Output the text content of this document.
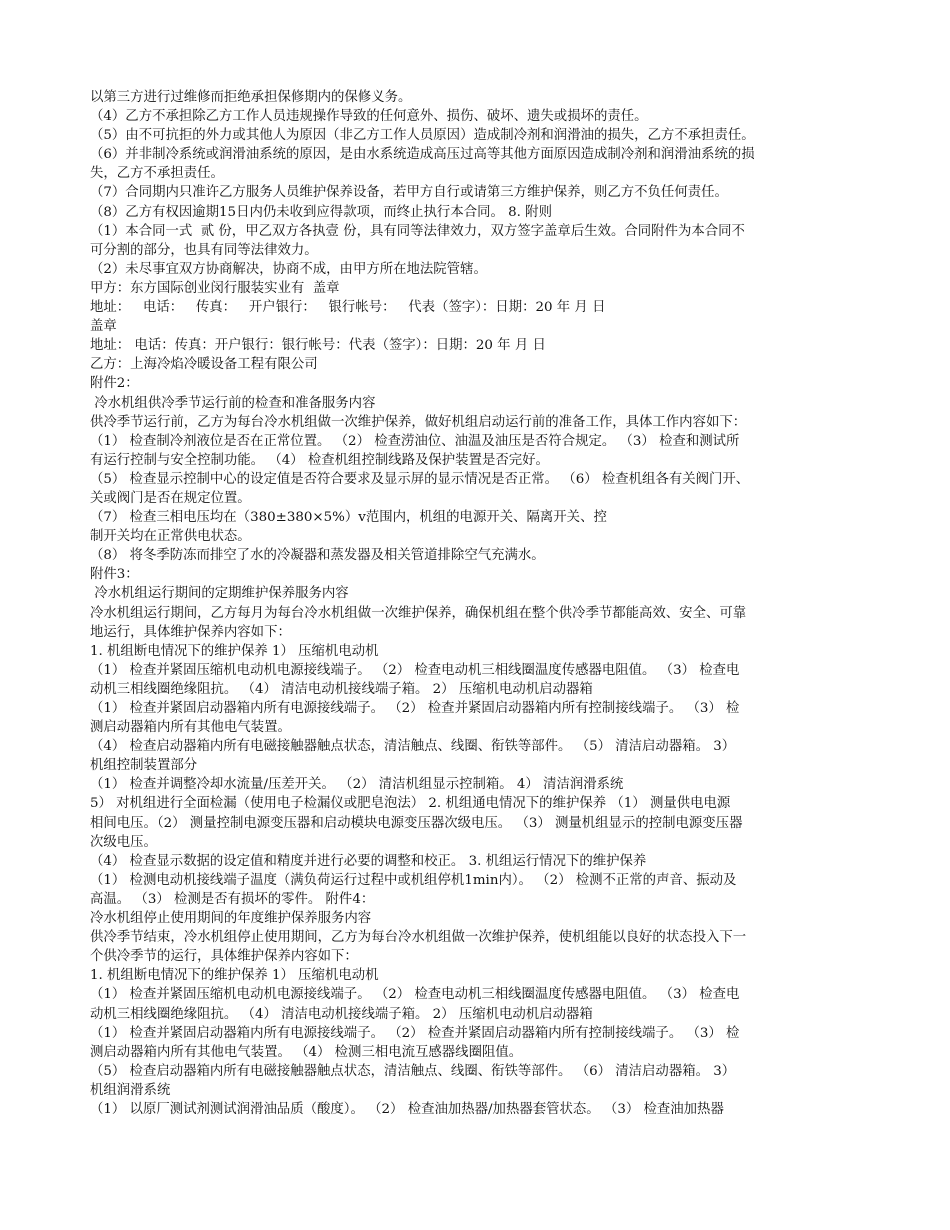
以第三方进行过维修而拒绝承担保修期内的保修义务。
（4）乙方不承担除乙方工作人员违规操作导致的任何意外、损伤、破坏、遗失或损坏的责任。
（5）由不可抗拒的外力或其他人为原因（非乙方工作人员原因）造成制冷剂和润滑油的损失，乙方不承担责任。
（6）并非制冷系统或润滑油系统的原因，是由水系统造成高压过高等其他方面原因造成制冷剂和润滑油系统的损
失，乙方不承担责任。
（7）合同期内只准许乙方服务人员维护保养设备，若甲方自行或请第三方维护保养，则乙方不负任何责任。
（8）乙方有权因逾期15日内仍未收到应得款项，而终止执行本合同。 8. 附则
（1）本合同一式  贰 份，甲乙双方各执壹 份，具有同等法律效力，双方签字盖章后生效。合同附件为本合同不
可分割的部分，也具有同等法律效力。
（2）未尽事宜双方协商解决，协商不成，由甲方所在地法院管辖。
甲方：东方国际创业闵行服装实业有  盖章
地址：   电话：   传真：   开户银行：   银行帐号：   代表（签字）：日期：20 年 月 日
盖章
地址： 电话：传真：开户银行：银行帐号：代表（签字）：日期：20 年 月 日
乙方：上海冷焰冷暖设备工程有限公司
附件2：
冷水机组供冷季节运行前的检查和准备服务内容
供冷季节运行前，乙方为每台冷水机组做一次维护保养，做好机组启动运行前的准备工作，具体工作内容如下：
（1） 检查制冷剂液位是否在正常位置。 （2） 检查涝油位、油温及油压是否符合规定。 （3） 检查和测试所
有运行控制与安全控制功能。 （4） 检查机组控制线路及保护装置是否完好。
（5） 检查显示控制中心的设定值是否符合要求及显示屏的显示情况是否正常。 （6） 检查机组各有关阀门开、
关或阀门是否在规定位置。
（7） 检查三相电压均在（380±380×5%）v范围内，机组的电源开关、隔离开关、控
制开关均在正常供电状态。
（8） 将冬季防冻而排空了水的冷凝器和蒸发器及相关管道排除空气充满水。
附件3：
冷水机组运行期间的定期维护保养服务内容
冷水机组运行期间，乙方每月为每台冷水机组做一次维护保养，确保机组在整个供冷季节都能高效、安全、可靠
地运行，具体维护保养内容如下：
1. 机组断电情况下的维护保养 1） 压缩机电动机
（1） 检查并紧固压缩机电动机电源接线端子。 （2） 检查电动机三相线圈温度传感器电阻值。 （3） 检查电
动机三相线圈绝缘阻抗。 （4） 清洁电动机接线端子箱。 2） 压缩机电动机启动器箱
（1） 检查并紧固启动器箱内所有电源接线端子。 （2） 检查并紧固启动器箱内所有控制接线端子。 （3） 检
测启动器箱内所有其他电气装置。
（4） 检查启动器箱内所有电磁接触器触点状态，清洁触点、线圈、衔铁等部件。 （5） 清洁启动器箱。 3）
机组控制装置部分
（1） 检查并调整冷却水流量/压差开关。 （2） 清洁机组显示控制箱。 4） 清洁润滑系统
5） 对机组进行全面检漏（使用电子检漏仪或肥皂泡法） 2. 机组通电情况下的维护保养 （1） 测量供电电源
相间电压。（2） 测量控制电源变压器和启动模块电源变压器次级电压。 （3） 测量机组显示的控制电源变压器
次级电压。
（4） 检查显示数据的设定值和精度并进行必要的调整和校正。 3. 机组运行情况下的维护保养
（1） 检测电动机接线端子温度（满负荷运行过程中或机组停机1min内）。 （2） 检测不正常的声音、振动及
高温。 （3） 检测是否有损坏的零件。 附件4：
冷水机组停止使用期间的年度维护保养服务内容
供冷季节结束，冷水机组停止使用期间，乙方为每台冷水机组做一次维护保养，使机组能以良好的状态投入下一
个供冷季节的运行，具体维护保养内容如下：
1. 机组断电情况下的维护保养 1） 压缩机电动机
（1） 检查并紧固压缩机电动机电源接线端子。 （2） 检查电动机三相线圈温度传感器电阻值。 （3） 检查电
动机三相线圈绝缘阻抗。 （4） 清洁电动机接线端子箱。 2） 压缩机电动机启动器箱
（1） 检查并紧固启动器箱内所有电源接线端子。 （2） 检查并紧固启动器箱内所有控制接线端子。 （3） 检
测启动器箱内所有其他电气装置。 （4） 检测三相电流互感器线圈阻值。
（5） 检查启动器箱内所有电磁接触器触点状态，清洁触点、线圈、衔铁等部件。 （6） 清洁启动器箱。 3）
机组润滑系统
（1） 以原厂测试剂测试润滑油品质（酸度）。 （2） 检查油加热器/加热器套管状态。 （3） 检查油加热器
